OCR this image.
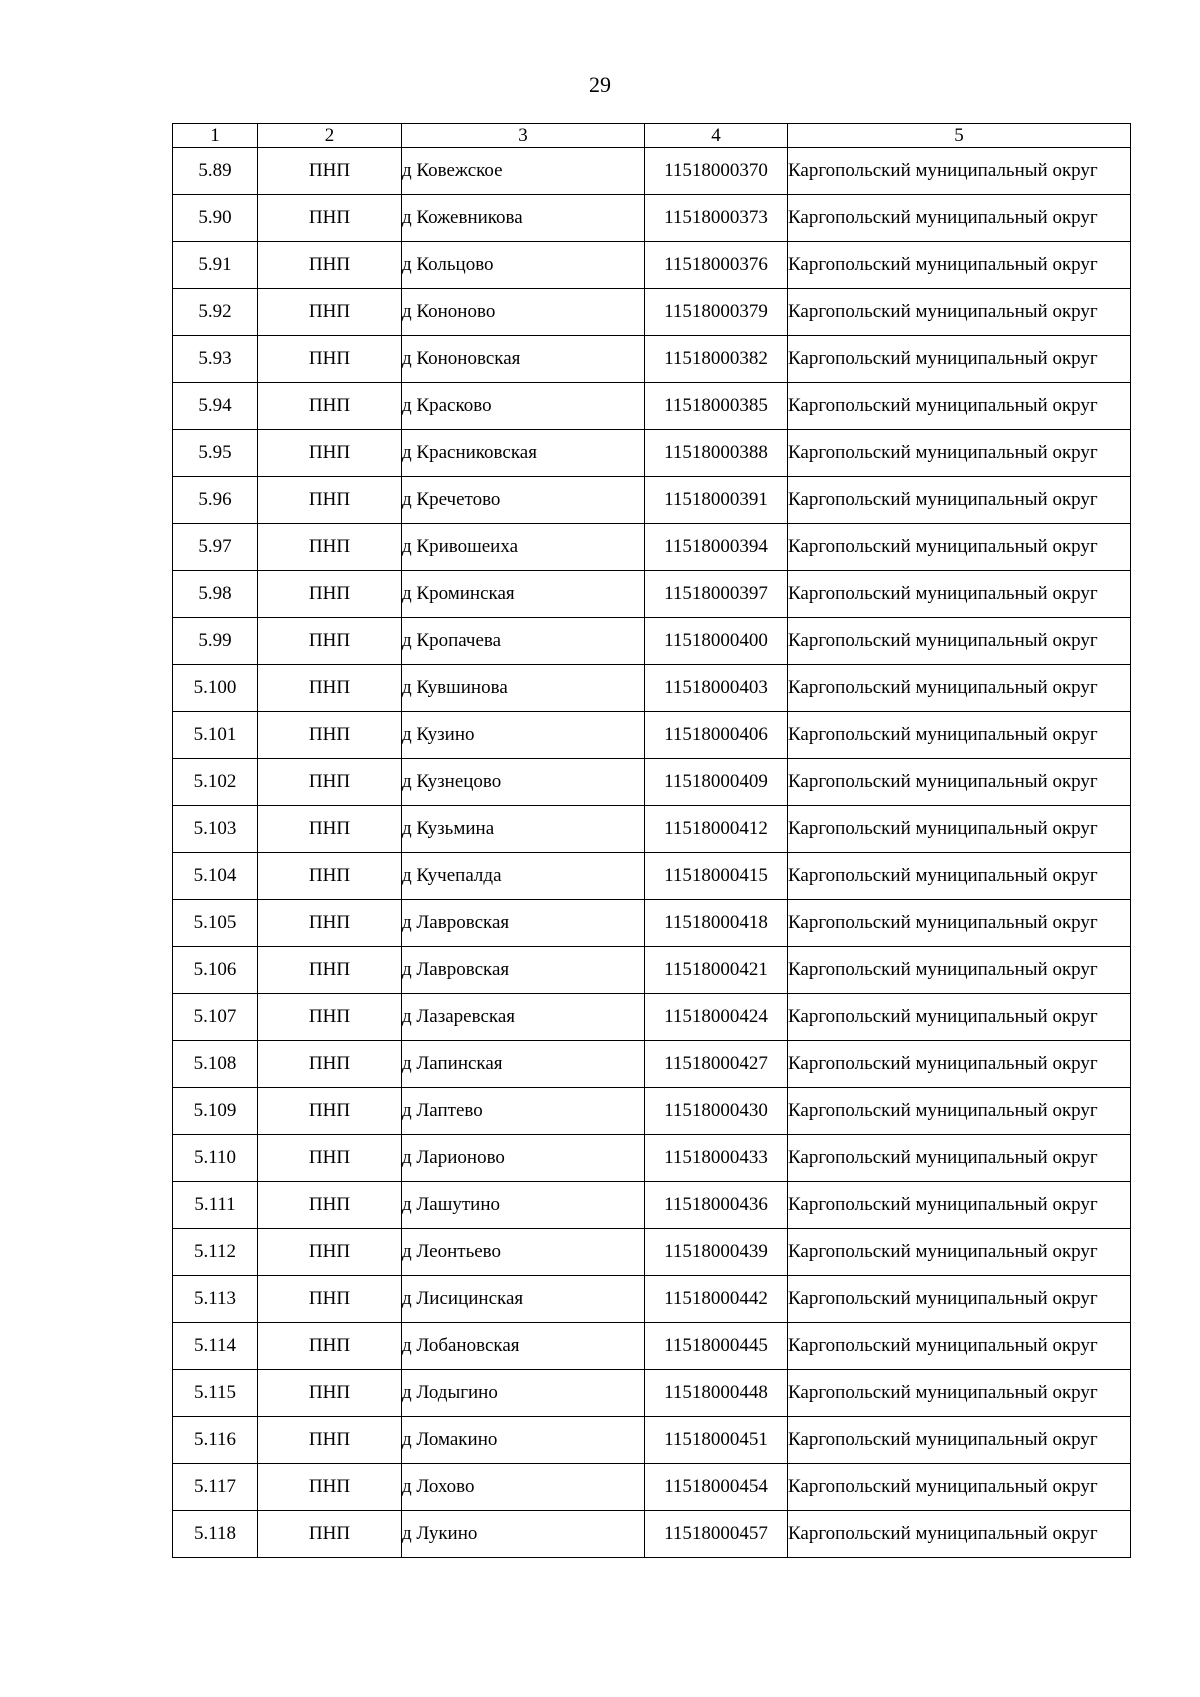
29
1	2	3	4	5
5.89	ПНП	д Ковежское	11518000370	Каргопольский муниципальный округ
5.90	ПНП	д Кожевникова	11518000373	Каргопольский муниципальный округ
5.91	ПНП	д Кольцово	11518000376	Каргопольский муниципальный округ
5.92	ПНП	д Кононово	11518000379	Каргопольский муниципальный округ
5.93	ПНП	д Кононовская	11518000382	Каргопольский муниципальный округ
5.94	ПНП	д Красково	11518000385	Каргопольский муниципальный округ
5.95	ПНП	д Красниковская	11518000388	Каргопольский муниципальный округ
5.96	ПНП	д Кречетово	11518000391	Каргопольский муниципальный округ
5.97	ПНП	д Кривошеиха	11518000394	Каргопольский муниципальный округ
5.98	ПНП	д Кроминская	11518000397	Каргопольский муниципальный округ
5.99	ПНП	д Кропачева	11518000400	Каргопольский муниципальный округ
5.100	ПНП	д Кувшинова	11518000403	Каргопольский муниципальный округ
5.101	ПНП	д Кузино	11518000406	Каргопольский муниципальный округ
5.102	ПНП	д Кузнецово	11518000409	Каргопольский муниципальный округ
5.103	ПНП	д Кузьмина	11518000412	Каргопольский муниципальный округ
5.104	ПНП	д Кучепалда	11518000415	Каргопольский муниципальный округ
5.105	ПНП	д Лавровская	11518000418	Каргопольский муниципальный округ
5.106	ПНП	д Лавровская	11518000421	Каргопольский муниципальный округ
5.107	ПНП	д Лазаревская	11518000424	Каргопольский муниципальный округ
5.108	ПНП	д Лапинская	11518000427	Каргопольский муниципальный округ
5.109	ПНП	д Лаптево	11518000430	Каргопольский муниципальный округ
5.110	ПНП	д Ларионово	11518000433	Каргопольский муниципальный округ
5.111	ПНП	д Лашутино	11518000436	Каргопольский муниципальный округ
5.112	ПНП	д Леонтьево	11518000439	Каргопольский муниципальный округ
5.113	ПНП	д Лисицинская	11518000442	Каргопольский муниципальный округ
5.114	ПНП	д Лобановская	11518000445	Каргопольский муниципальный округ
5.115	ПНП	д Лодыгино	11518000448	Каргопольский муниципальный округ
5.116	ПНП	д Ломакино	11518000451	Каргопольский муниципальный округ
5.117	ПНП	д Лохово	11518000454	Каргопольский муниципальный округ
5.118	ПНП	д Лукино	11518000457	Каргопольский муниципальный округ
